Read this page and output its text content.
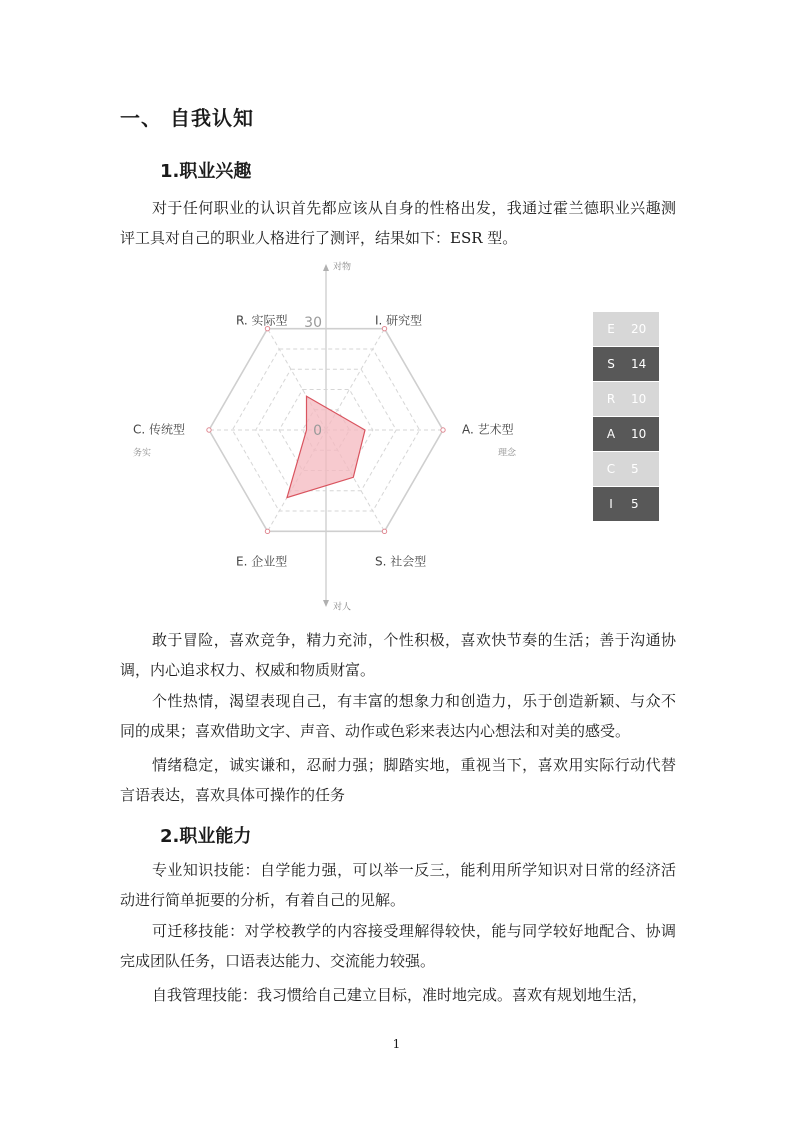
一、 自我认知
1.职业兴趣

对于任何职业的认识首先都应该从自身的性格出发，我通过霍兰德职业兴趣测评工具对自己的职业人格进行了测评，结果如下：ESR 型。

R. 实际型	I. 研究型
A. 艺术型
S. 社会型
E. 企业型
C. 传统型
30
0
对物
对人
务实	理念
E	20
S	14
R	10
A	10
C	5
I	5

敢于冒险，喜欢竞争，精力充沛，个性积极，喜欢快节奏的生活；善于沟通协调，内心追求权力、权威和物质财富。

个性热情，渴望表现自己，有丰富的想象力和创造力，乐于创造新颖、与众不同的成果；喜欢借助文字、声音、动作或色彩来表达内心想法和对美的感受。

情绪稳定，诚实谦和，忍耐力强；脚踏实地，重视当下，喜欢用实际行动代替言语表达，喜欢具体可操作的任务

2.职业能力

专业知识技能：自学能力强，可以举一反三，能利用所学知识对日常的经济活动进行简单扼要的分析，有着自己的见解。

可迁移技能：对学校教学的内容接受理解得较快，能与同学较好地配合、协调完成团队任务，口语表达能力、交流能力较强。

自我管理技能：我习惯给自己建立目标，准时地完成。喜欢有规划地生活，

1
